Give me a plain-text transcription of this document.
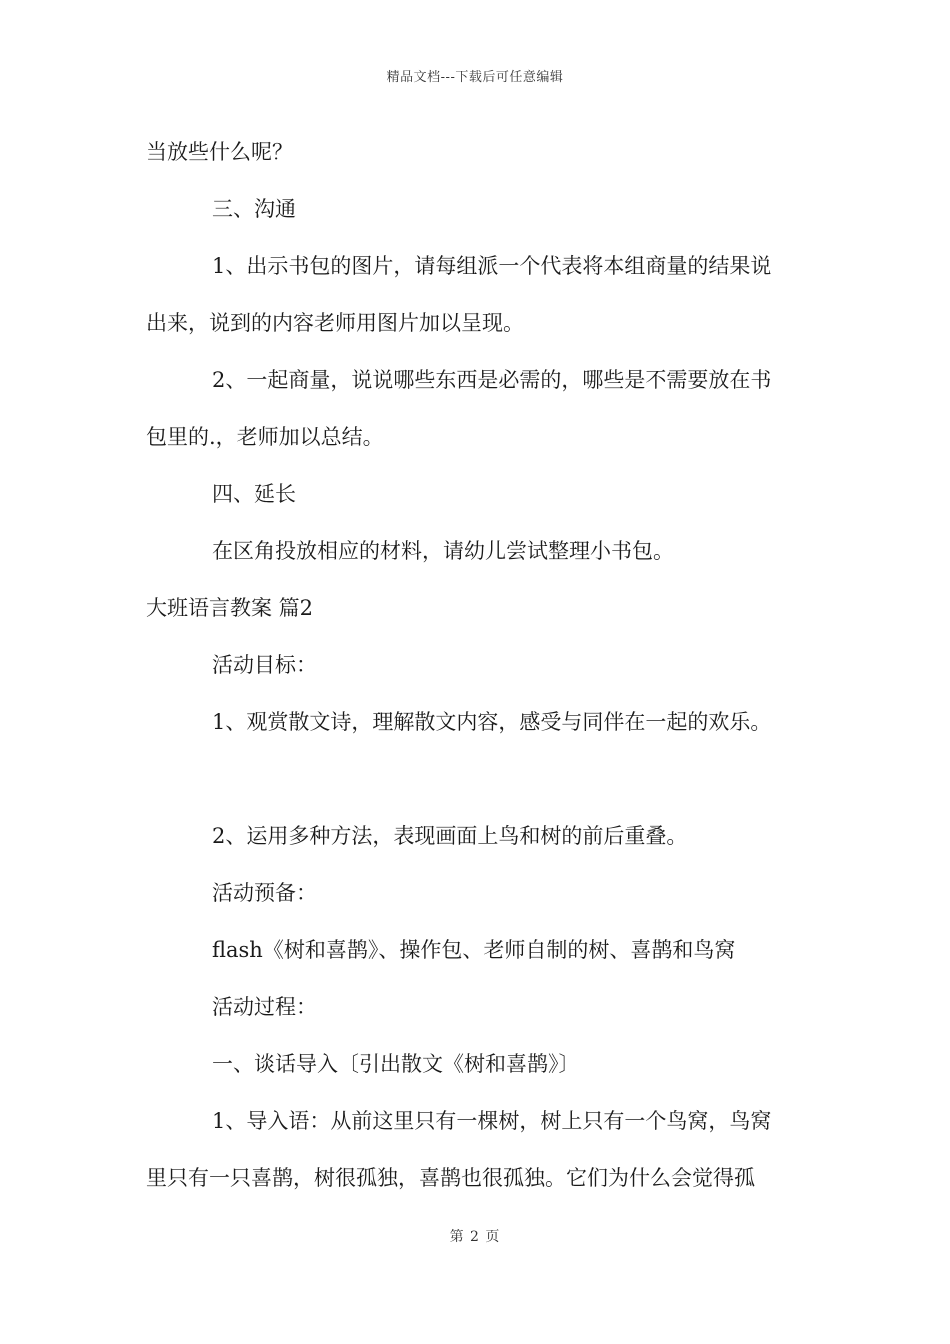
精品文档---下载后可任意编辑
当放些什么呢？
三、沟通
1、出示书包的图片，请每组派一个代表将本组商量的结果说
出来，说到的内容老师用图片加以呈现。
2、一起商量，说说哪些东西是必需的，哪些是不需要放在书
包里的.，老师加以总结。
四、延长
在区角投放相应的材料，请幼儿尝试整理小书包。
大班语言教案 篇2
活动目标：
1、观赏散文诗，理解散文内容，感受与同伴在一起的欢乐。
2、运用多种方法，表现画面上鸟和树的前后重叠。
活动预备：
flash《树和喜鹊》、操作包、老师自制的树、喜鹊和鸟窝
活动过程：
一、谈话导入〔引出散文《树和喜鹊》〕
1、导入语：从前这里只有一棵树，树上只有一个鸟窝，鸟窝
里只有一只喜鹊，树很孤独，喜鹊也很孤独。它们为什么会觉得孤
第 2 页
